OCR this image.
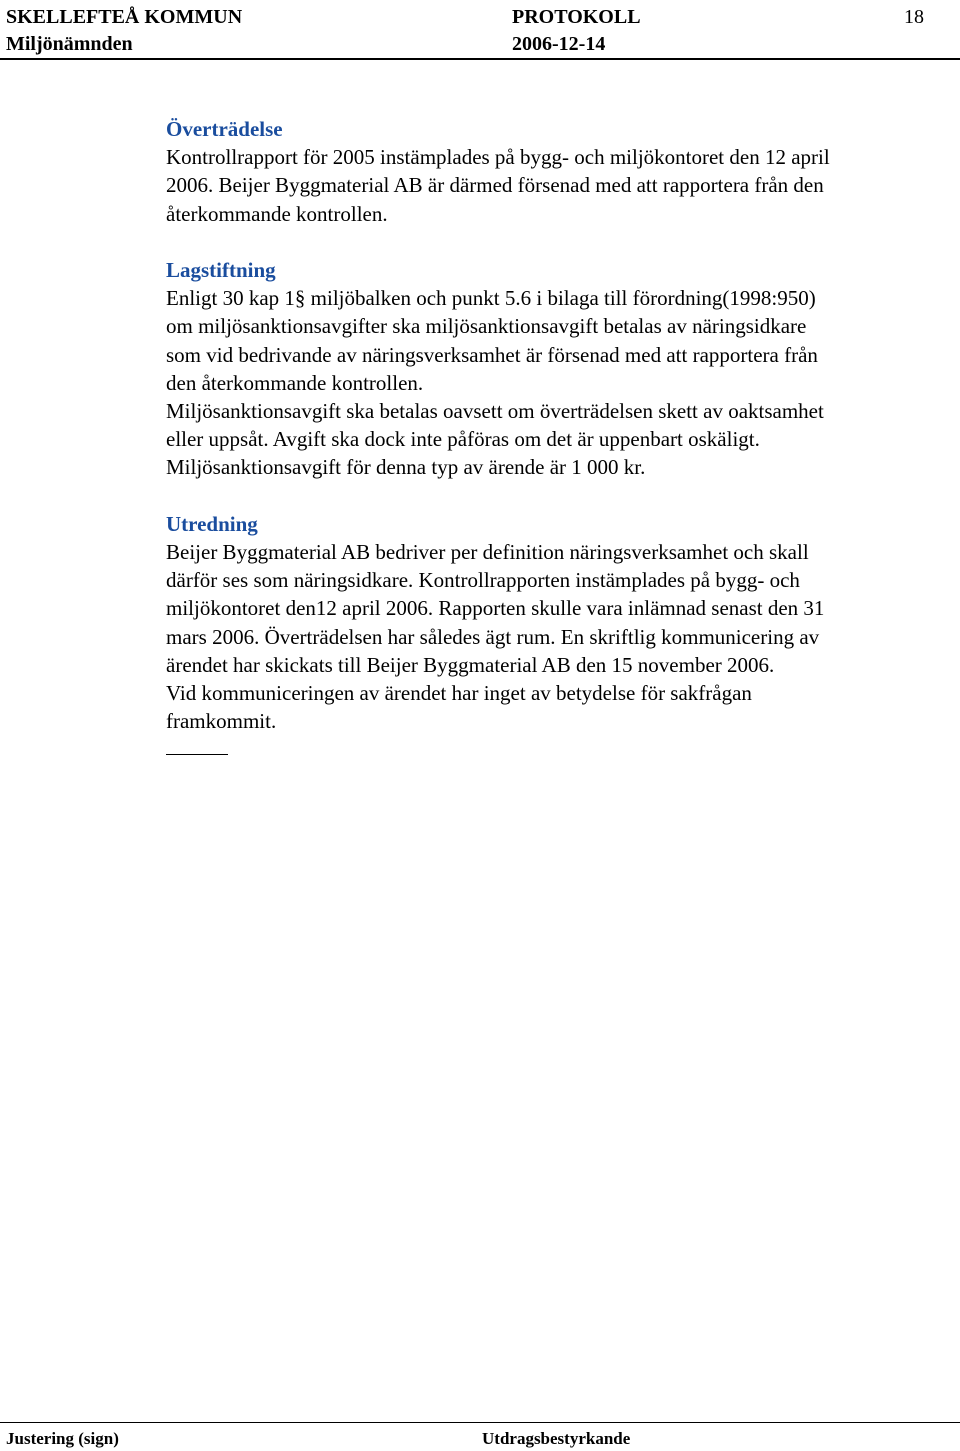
SKELLEFTEÅ KOMMUN
Miljönämnden
PROTOKOLL
2006-12-14
18
Överträdelse
Kontrollrapport för 2005 instämplades på bygg- och miljökontoret den 12 april
2006. Beijer Byggmaterial AB är därmed försenad med att rapportera från den
återkommande kontrollen.
Lagstiftning
Enligt 30 kap 1§ miljöbalken och punkt 5.6 i bilaga till förordning(1998:950)
om miljösanktionsavgifter ska miljösanktionsavgift betalas av näringsidkare
som vid bedrivande av näringsverksamhet är försenad med att rapportera från
den återkommande kontrollen.
Miljösanktionsavgift ska betalas oavsett om överträdelsen skett av oaktsamhet
eller uppsåt. Avgift ska dock inte påföras om det är uppenbart oskäligt.
Miljösanktionsavgift för denna typ av ärende är 1 000 kr.
Utredning
Beijer Byggmaterial AB bedriver per definition näringsverksamhet och skall
därför ses som näringsidkare. Kontrollrapporten instämplades på bygg- och
miljökontoret den12 april 2006. Rapporten skulle vara inlämnad senast den 31
mars 2006. Överträdelsen har således ägt rum. En skriftlig kommunicering av
ärendet har skickats till Beijer Byggmaterial AB den 15 november 2006.
Vid kommuniceringen av ärendet har inget av betydelse för sakfrågan
framkommit.
Justering (sign)	Utdragsbestyrkande
